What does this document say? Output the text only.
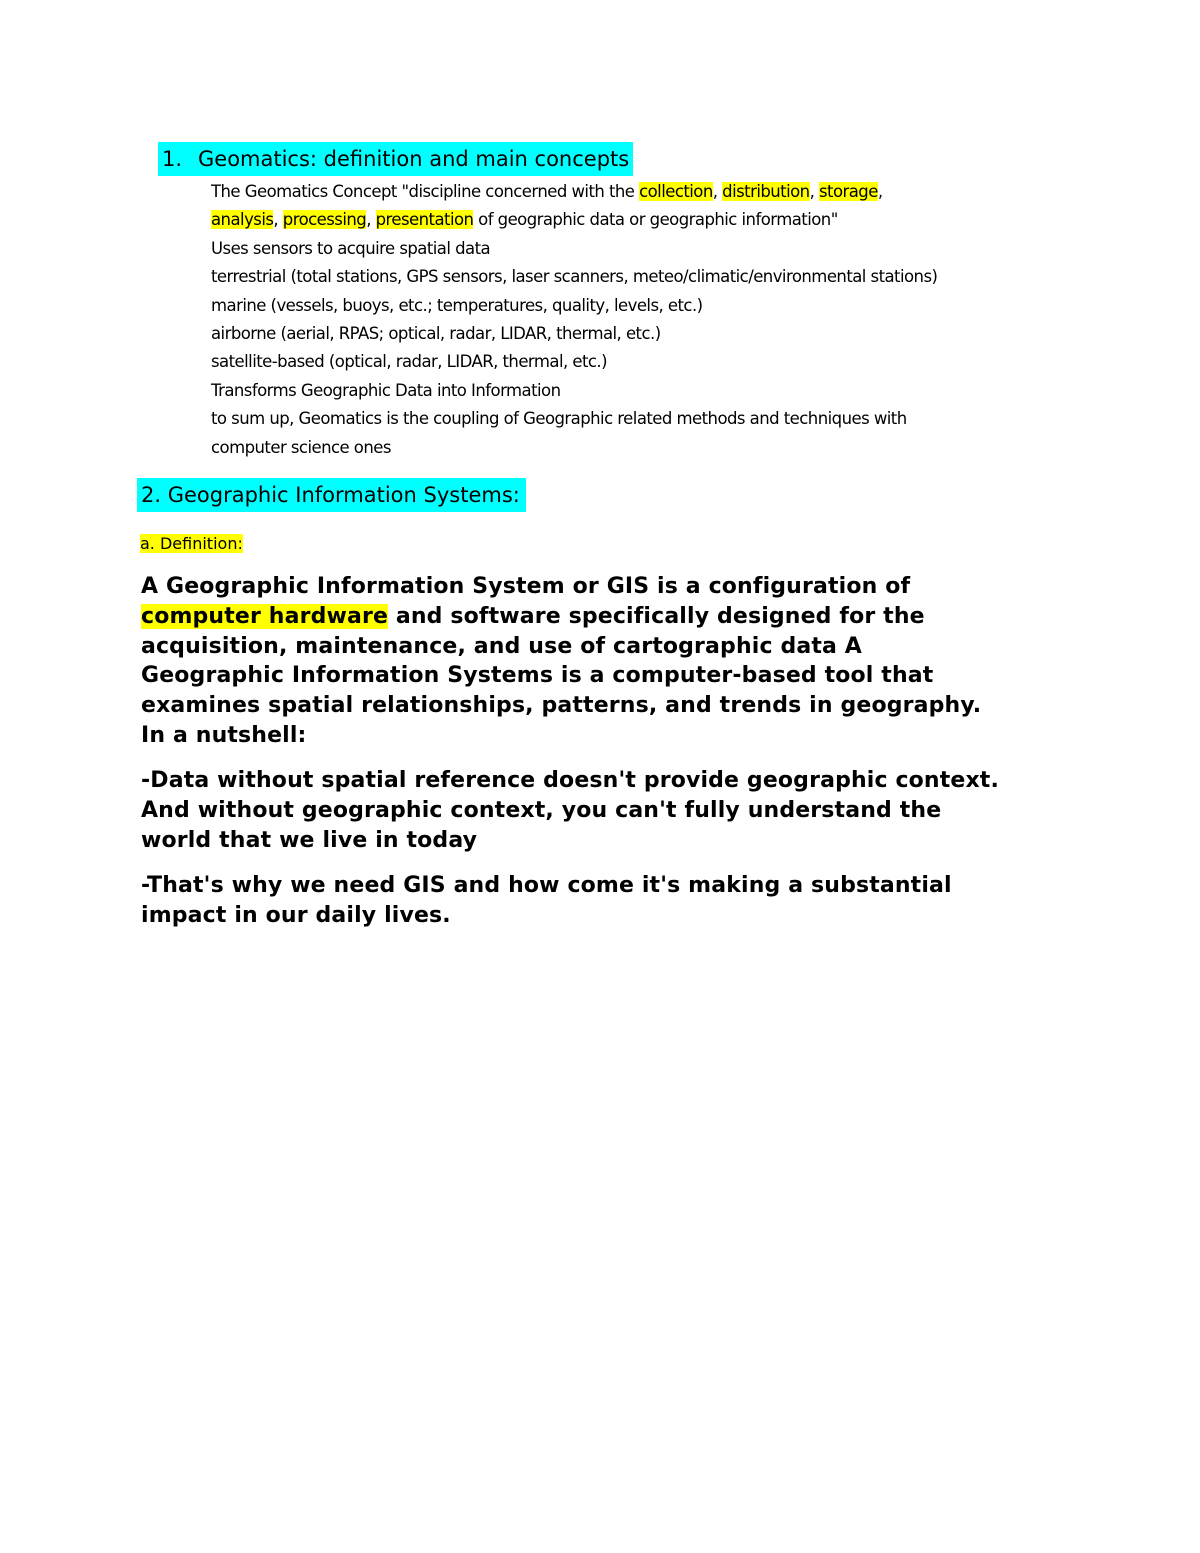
1. Geomatics: definition and main concepts
The Geomatics Concept "discipline concerned with the collection, distribution, storage,
analysis, processing, presentation of geographic data or geographic information"
Uses sensors to acquire spatial data
terrestrial (total stations, GPS sensors, laser scanners, meteo/climatic/environmental stations)
marine (vessels, buoys, etc.; temperatures, quality, levels, etc.)
airborne (aerial, RPAS; optical, radar, LIDAR, thermal, etc.)
satellite-based (optical, radar, LIDAR, thermal, etc.)
Transforms Geographic Data into Information
to sum up, Geomatics is the coupling of Geographic related methods and techniques with
computer science ones
2. Geographic Information Systems:
a. Definition:
A Geographic Information System or GIS is a configuration of
computer hardware and software specifically designed for the
acquisition, maintenance, and use of cartographic data A
Geographic Information Systems is a computer-based tool that
examines spatial relationships, patterns, and trends in geography.
In a nutshell:
-Data without spatial reference doesn't provide geographic context.
And without geographic context, you can't fully understand the
world that we live in today
-That's why we need GIS and how come it's making a substantial
impact in our daily lives.
